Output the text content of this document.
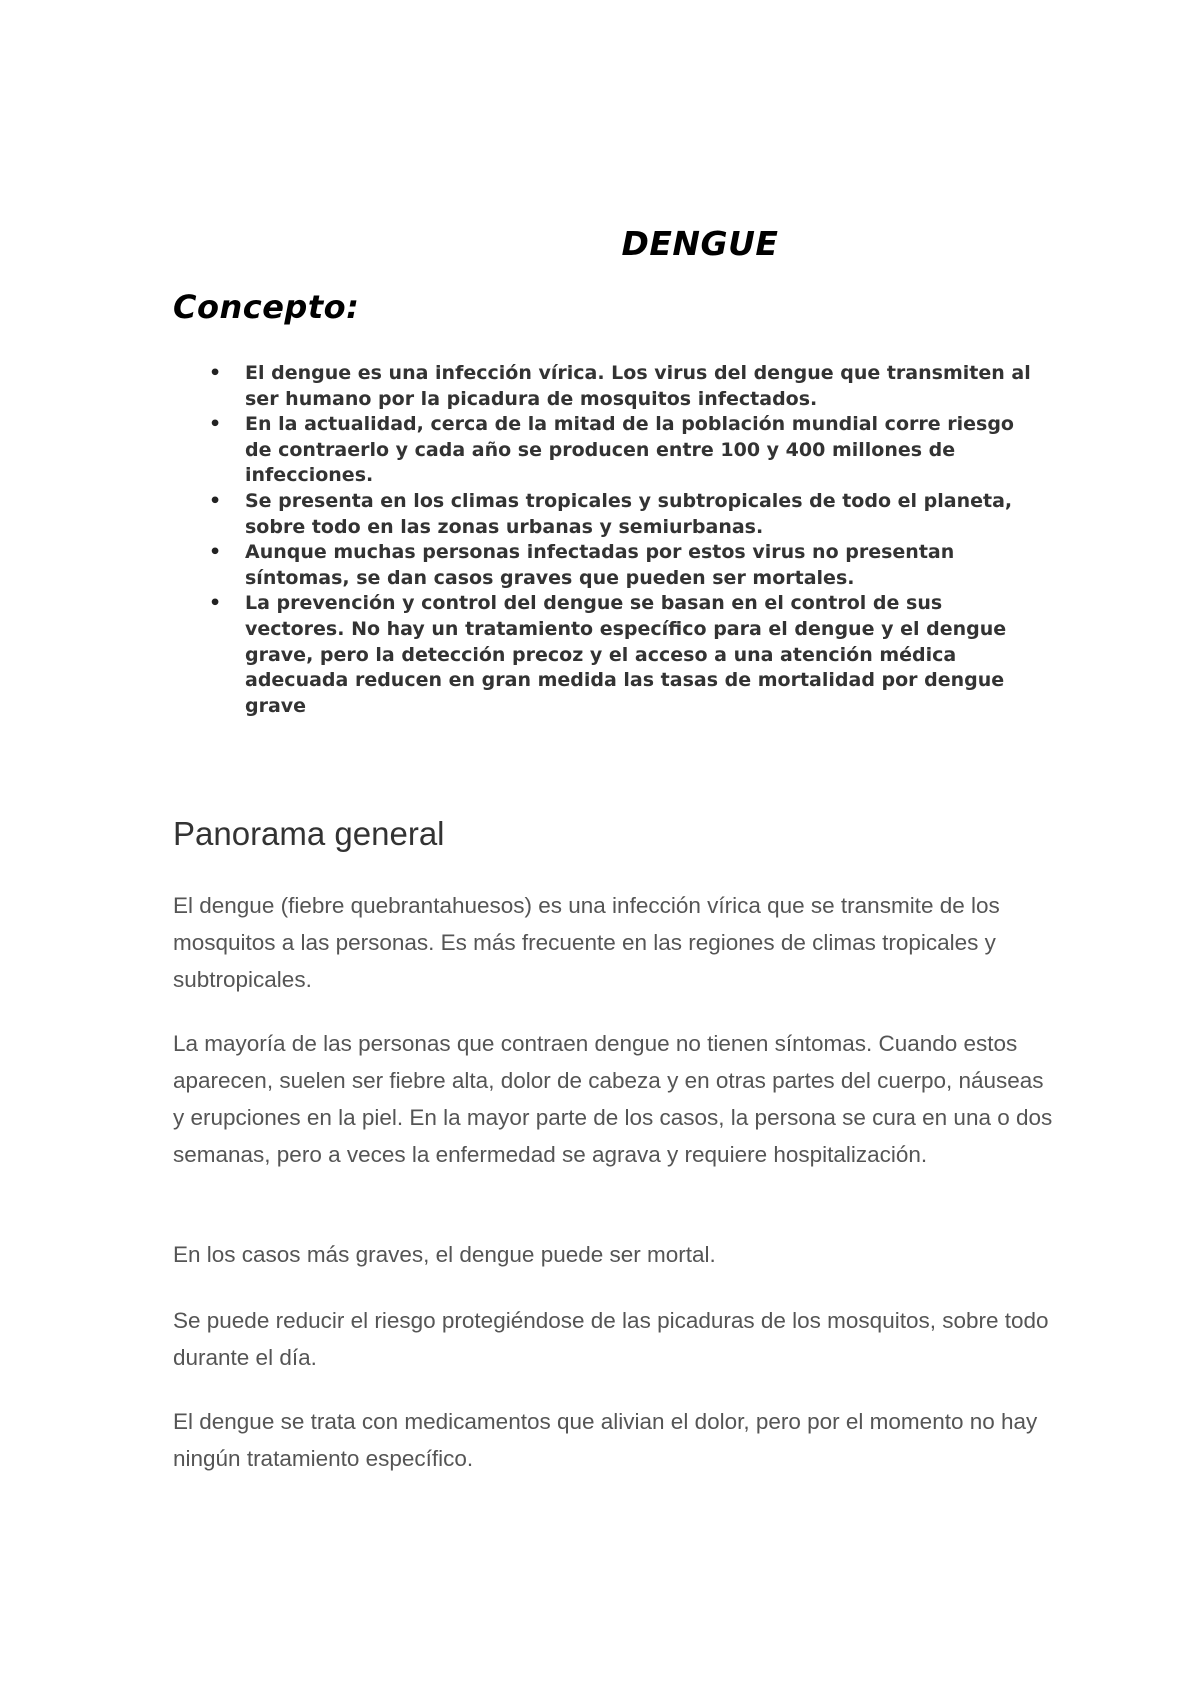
DENGUE
Concepto:
• El dengue es una infección vírica. Los virus del dengue que transmiten al ser humano por la picadura de mosquitos infectados.
• En la actualidad, cerca de la mitad de la población mundial corre riesgo de contraerlo y cada año se producen entre 100 y 400 millones de infecciones.
• Se presenta en los climas tropicales y subtropicales de todo el planeta, sobre todo en las zonas urbanas y semiurbanas.
• Aunque muchas personas infectadas por estos virus no presentan síntomas, se dan casos graves que pueden ser mortales.
• La prevención y control del dengue se basan en el control de sus vectores. No hay un tratamiento específico para el dengue y el dengue grave, pero la detección precoz y el acceso a una atención médica adecuada reducen en gran medida las tasas de mortalidad por dengue grave
Panorama general

El dengue (fiebre quebrantahuesos) es una infección vírica que se transmite de los mosquitos a las personas. Es más frecuente en las regiones de climas tropicales y subtropicales.

La mayoría de las personas que contraen dengue no tienen síntomas. Cuando estos aparecen, suelen ser fiebre alta, dolor de cabeza y en otras partes del cuerpo, náuseas y erupciones en la piel. En la mayor parte de los casos, la persona se cura en una o dos semanas, pero a veces la enfermedad se agrava y requiere hospitalización.

En los casos más graves, el dengue puede ser mortal.

Se puede reducir el riesgo protegiéndose de las picaduras de los mosquitos, sobre todo durante el día.

El dengue se trata con medicamentos que alivian el dolor, pero por el momento no hay ningún tratamiento específico.
